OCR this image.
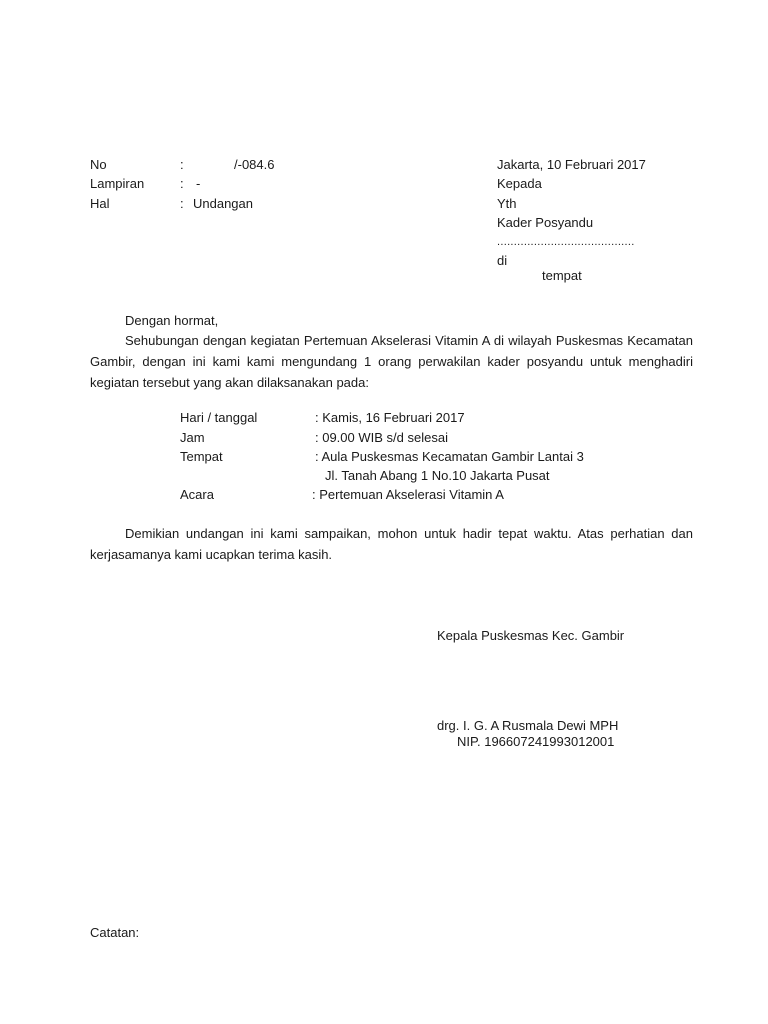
No	:	/-084.6
Lampiran	: -
Hal	: Undangan
Jakarta, 10 Februari 2017
Kepada
Yth
Kader Posyandu
.........................................
di
tempat
Dengan hormat,
Sehubungan dengan kegiatan Pertemuan Akselerasi Vitamin A di wilayah Puskesmas Kecamatan Gambir, dengan ini kami kami mengundang 1 orang perwakilan kader posyandu untuk menghadiri kegiatan tersebut yang akan dilaksanakan pada:
Hari / tanggal	: Kamis, 16 Februari 2017
Jam	: 09.00 WIB s/d selesai
Tempat	: Aula Puskesmas Kecamatan Gambir Lantai 3
Jl. Tanah Abang 1 No.10 Jakarta Pusat
Acara	: Pertemuan Akselerasi Vitamin A
Demikian undangan ini kami sampaikan, mohon untuk hadir tepat waktu. Atas perhatian dan kerjasamanya kami ucapkan terima kasih.
Kepala Puskesmas Kec. Gambir
drg. I. G. A Rusmala Dewi MPH
NIP. 196607241993012001
Catatan:
